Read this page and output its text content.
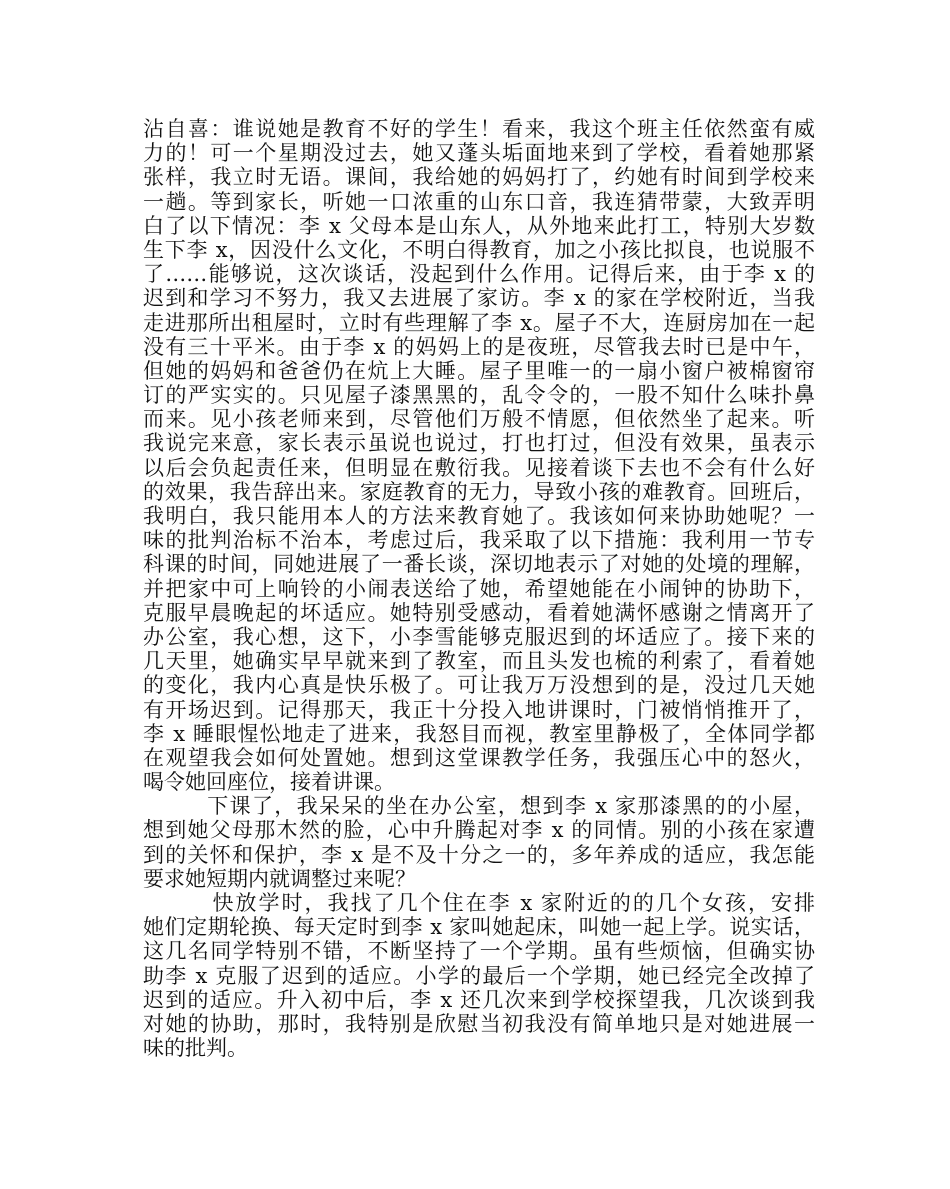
沾自喜：谁说她是教育不好的学生！看来，我这个班主任依然蛮有威
力的！可一个星期没过去，她又蓬头垢面地来到了学校，看着她那紧
张样，我立时无语。课间，我给她的妈妈打了，约她有时间到学校来
一趟。等到家长，听她一口浓重的山东口音，我连猜带蒙，大致弄明
白了以下情况：李 x 父母本是山东人，从外地来此打工，特别大岁数
生下李 x，因没什么文化，不明白得教育，加之小孩比拟良，也说服不
了……能够说，这次谈话，没起到什么作用。记得后来，由于李 x 的
迟到和学习不努力，我又去进展了家访。李 x 的家在学校附近，当我
走进那所出租屋时，立时有些理解了李 x。屋子不大，连厨房加在一起
没有三十平米。由于李 x 的妈妈上的是夜班，尽管我去时已是中午，
但她的妈妈和爸爸仍在炕上大睡。屋子里唯一的一扇小窗户被棉窗帘
订的严实实的。只见屋子漆黑黑的，乱令令的，一股不知什么味扑鼻
而来。见小孩老师来到，尽管他们万般不情愿，但依然坐了起来。听
我说完来意，家长表示虽说也说过，打也打过，但没有效果，虽表示
以后会负起责任来，但明显在敷衍我。见接着谈下去也不会有什么好
的效果，我告辞出来。家庭教育的无力，导致小孩的难教育。回班后，
我明白，我只能用本人的方法来教育她了。我该如何来协助她呢？一
味的批判治标不治本，考虑过后，我采取了以下措施：我利用一节专
科课的时间，同她进展了一番长谈，深切地表示了对她的处境的理解，
并把家中可上响铃的小闹表送给了她，希望她能在小闹钟的协助下，
克服早晨晚起的坏适应。她特别受感动，看着她满怀感谢之情离开了
办公室，我心想，这下，小李雪能够克服迟到的坏适应了。接下来的
几天里，她确实早早就来到了教室，而且头发也梳的利索了，看着她
的变化，我内心真是快乐极了。可让我万万没想到的是，没过几天她
有开场迟到。记得那天，我正十分投入地讲课时，门被悄悄推开了，
李 x 睡眼惺忪地走了进来，我怒目而视，教室里静极了，全体同学都
在观望我会如何处置她。想到这堂课教学任务，我强压心中的怒火，
喝令她回座位，接着讲课。
下课了，我呆呆的坐在办公室，想到李 x 家那漆黑的的小屋，
想到她父母那木然的脸，心中升腾起对李 x 的同情。别的小孩在家遭
到的关怀和保护，李 x 是不及十分之一的，多年养成的适应，我怎能
要求她短期内就调整过来呢？
快放学时，我找了几个住在李 x 家附近的的几个女孩，安排
她们定期轮换、每天定时到李 x 家叫她起床，叫她一起上学。说实话，
这几名同学特别不错，不断坚持了一个学期。虽有些烦恼，但确实协
助李 x 克服了迟到的适应。小学的最后一个学期，她已经完全改掉了
迟到的适应。升入初中后，李 x 还几次来到学校探望我，几次谈到我
对她的协助，那时，我特别是欣慰当初我没有简单地只是对她进展一
味的批判。
